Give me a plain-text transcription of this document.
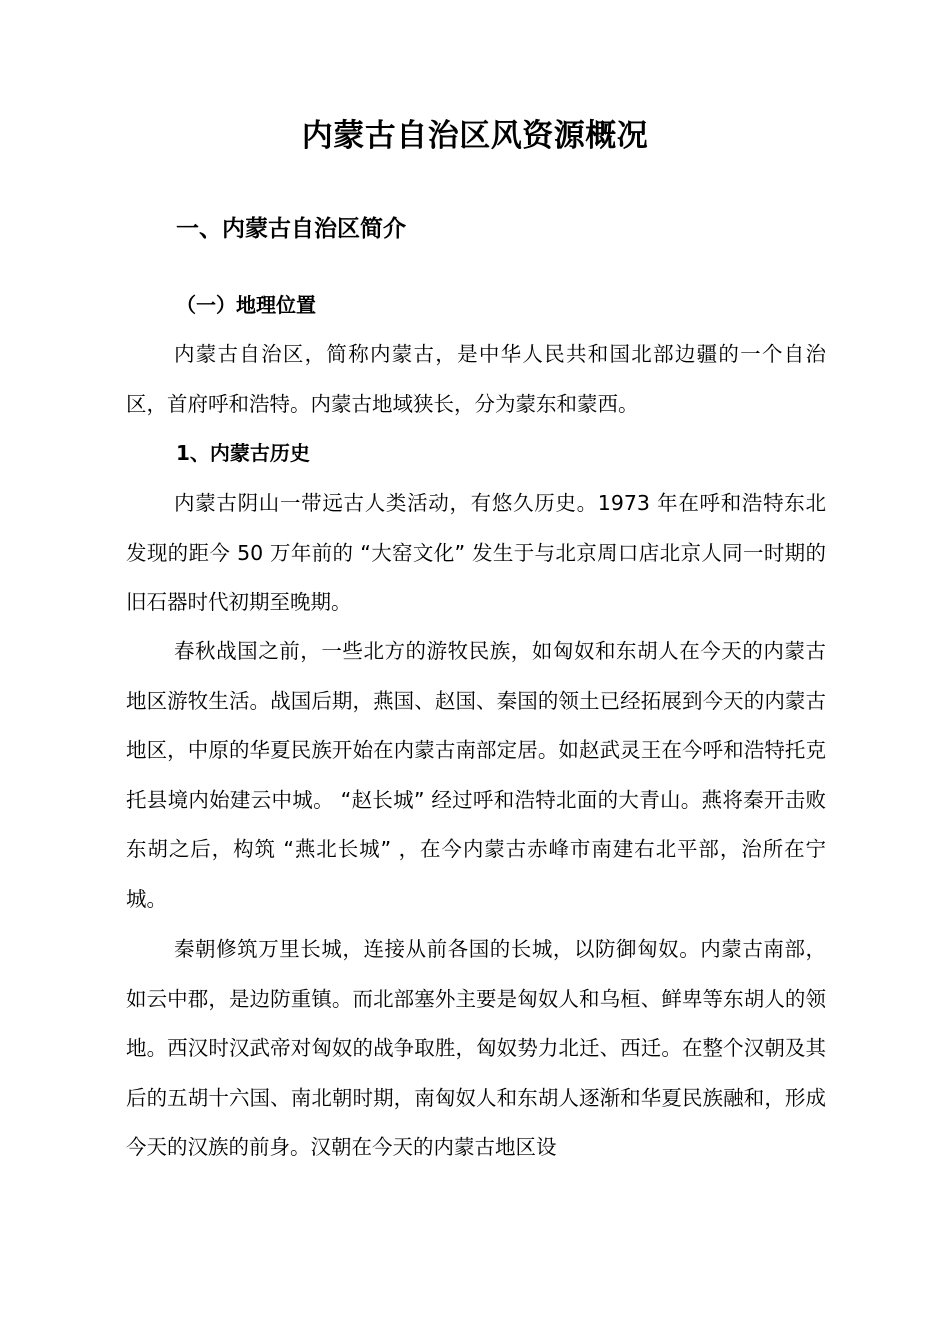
内蒙古自治区风资源概况
一、内蒙古自治区简介
（一）地理位置

内蒙古自治区，简称内蒙古，是中华人民共和国北部边疆的一个自治区，首府呼和浩特。内蒙古地域狭长，分为蒙东和蒙西。

1、内蒙古历史

内蒙古阴山一带远古人类活动，有悠久历史。1973 年在呼和浩特东北发现的距今 50 万年前的 “大窑文化” 发生于与北京周口店北京人同一时期的旧石器时代初期至晚期。

春秋战国之前，一些北方的游牧民族，如匈奴和东胡人在今天的内蒙古地区游牧生活。战国后期，燕国、赵国、秦国的领土已经拓展到今天的内蒙古地区，中原的华夏民族开始在内蒙古南部定居。如赵武灵王在今呼和浩特托克托县境内始建云中城。 “赵长城” 经过呼和浩特北面的大青山。燕将秦开击败东胡之后，构筑 “燕北长城” ，在今内蒙古赤峰市南建右北平部，治所在宁城。

秦朝修筑万里长城，连接从前各国的长城，以防御匈奴。内蒙古南部，如云中郡，是边防重镇。而北部塞外主要是匈奴人和乌桓、鲜卑等东胡人的领地。西汉时汉武帝对匈奴的战争取胜，匈奴势力北迁、西迁。在整个汉朝及其后的五胡十六国、南北朝时期，南匈奴人和东胡人逐渐和华夏民族融和，形成今天的汉族的前身。汉朝在今天的内蒙古地区设
